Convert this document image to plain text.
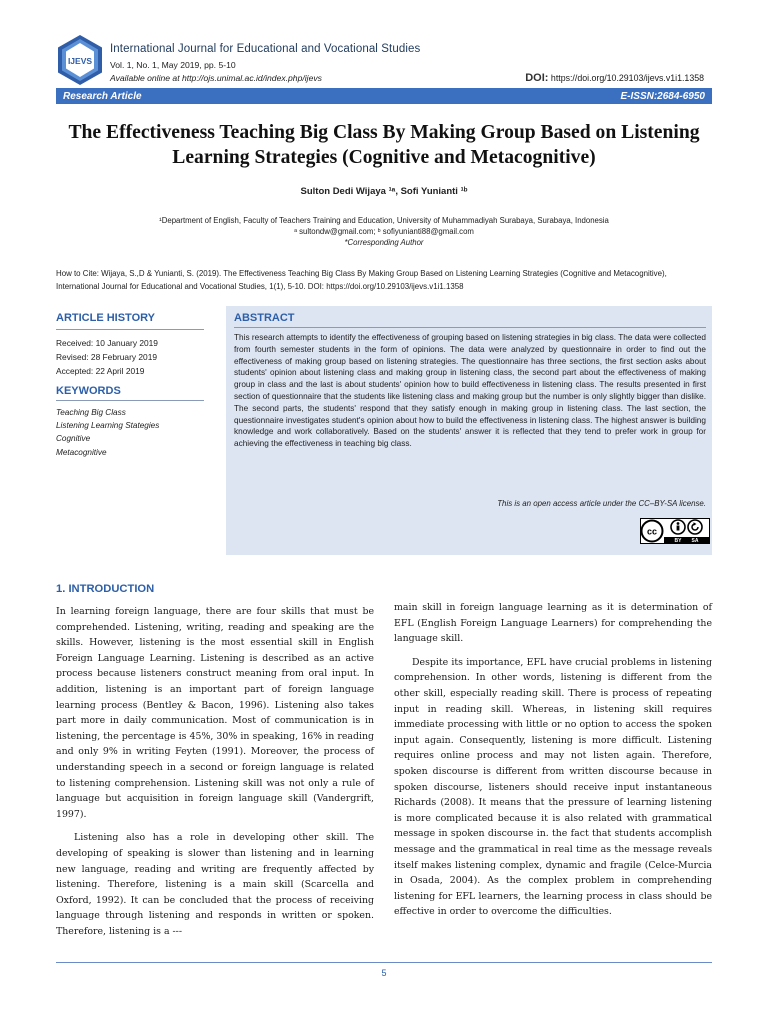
IJEVS
International Journal for Educational and Vocational Studies
Vol. 1, No. 1, May 2019, pp. 5-10
Available online at http://ojs.unimal.ac.id/index.php/ijevs	DOI: https://doi.org/10.29103/ijevs.v1i1.1358
Research Article	E-ISSN:2684-6950
The Effectiveness Teaching Big Class By Making Group Based on Listening Learning Strategies (Cognitive and Metacognitive)
Sulton Dedi Wijaya ¹ᵃ, Sofi Yunianti ¹ᵇ
¹Department of English, Faculty of Teachers Training and Education, University of Muhammadiyah Surabaya, Surabaya, Indonesia
ᵃ sultondw@gmail.com; ᵇ sofiyunianti88@gmail.com
*Corresponding Author
How to Cite: Wijaya, S.,D & Yunianti, S. (2019). The Effectiveness Teaching Big Class By Making Group Based on Listening Learning Strategies (Cognitive and Metacognitive), International Journal for Educational and Vocational Studies, 1(1), 5-10. DOI: https://doi.org/10.29103/ijevs.v1i1.1358
ARTICLE HISTORY
Received: 10 January 2019
Revised: 28 February 2019
Accepted: 22 April 2019
KEYWORDS
Teaching Big Class
Listening Learning Stategies
Cognitive
Metacognitive
ABSTRACT
This research attempts to identify the effectiveness of grouping based on listening strategies in big class. The data were collected from fourth semester students in the form of opinions. The data were analyzed by questionnaire in order to find out the effectiveness of making group based on listening strategies. The questionnaire has three sections, the first section asks about students' opinion about listening class and making group in listening class, the second part about the effectiveness of making group in class and the last is about students' opinion how to build effectiveness in listening class. The results presented in first section of questionnaire that the students like listening class and making group but the number is only slightly bigger than dislike. The second parts, the students' respond that they satisfy enough in making group in listening class. The last section, the questionnaire investigates student's opinion about how to build the effectiveness in listening class. The highest answer is building knowledge and work collaboratively. Based on the students' answer it is reflected that they tend to prefer work in group for achieving the effectiveness in teaching big class.
This is an open access article under the CC–BY-SA license.
cc
BY SA
1. INTRODUCTION

In learning foreign language, there are four skills that must be comprehended. Listening, writing, reading and speaking are the skills. However, listening is the most essential skill in English Foreign Language Learning. Listening is described as an active process because listeners construct meaning from oral input. In addition, listening is an important part of foreign language learning process (Bentley & Bacon, 1996). Listening also takes part more in daily communication. Most of communication is in listening, the percentage is 45%, 30% in speaking, 16% in reading and only 9% in writing Feyten (1991). Moreover, the process of understanding speech in a second or foreign language is related to listening comprehension. Listening skill was not only a rule of language but acquisition in foreign language skill (Vandergrift, 1997).

Listening also has a role in developing other skill. The developing of speaking is slower than listening and in learning new language, reading and writing are frequently affected by listening. Therefore, listening is a main skill (Scarcella and Oxford, 1992). It can be concluded that the process of receiving language through listening and responds in written or spoken. Therefore, listening is a ---

main skill in foreign language learning as it is determination of EFL (English Foreign Language Learners) for comprehending the language skill.

Despite its importance, EFL have crucial problems in listening comprehension. In other words, listening is different from the other skill, especially reading skill. There is process of repeating input in reading skill. Whereas, in listening skill requires immediate processing with little or no option to access the spoken input again. Consequently, listening is more difficult. Listening requires online process and may not listen again. Therefore, spoken discourse is different from written discourse because in spoken discourse, listeners should receive input instantaneous Richards (2008). It means that the pressure of learning listening is more complicated because it is also related with grammatical message in spoken discourse in. the fact that students accomplish message and the grammatical in real time as the message reveals itself makes listening complex, dynamic and fragile (Celce-Murcia in Osada, 2004). As the complex problem in comprehending listening for EFL learners, the learning process in class should be effective in order to overcome the difficulties.

5
